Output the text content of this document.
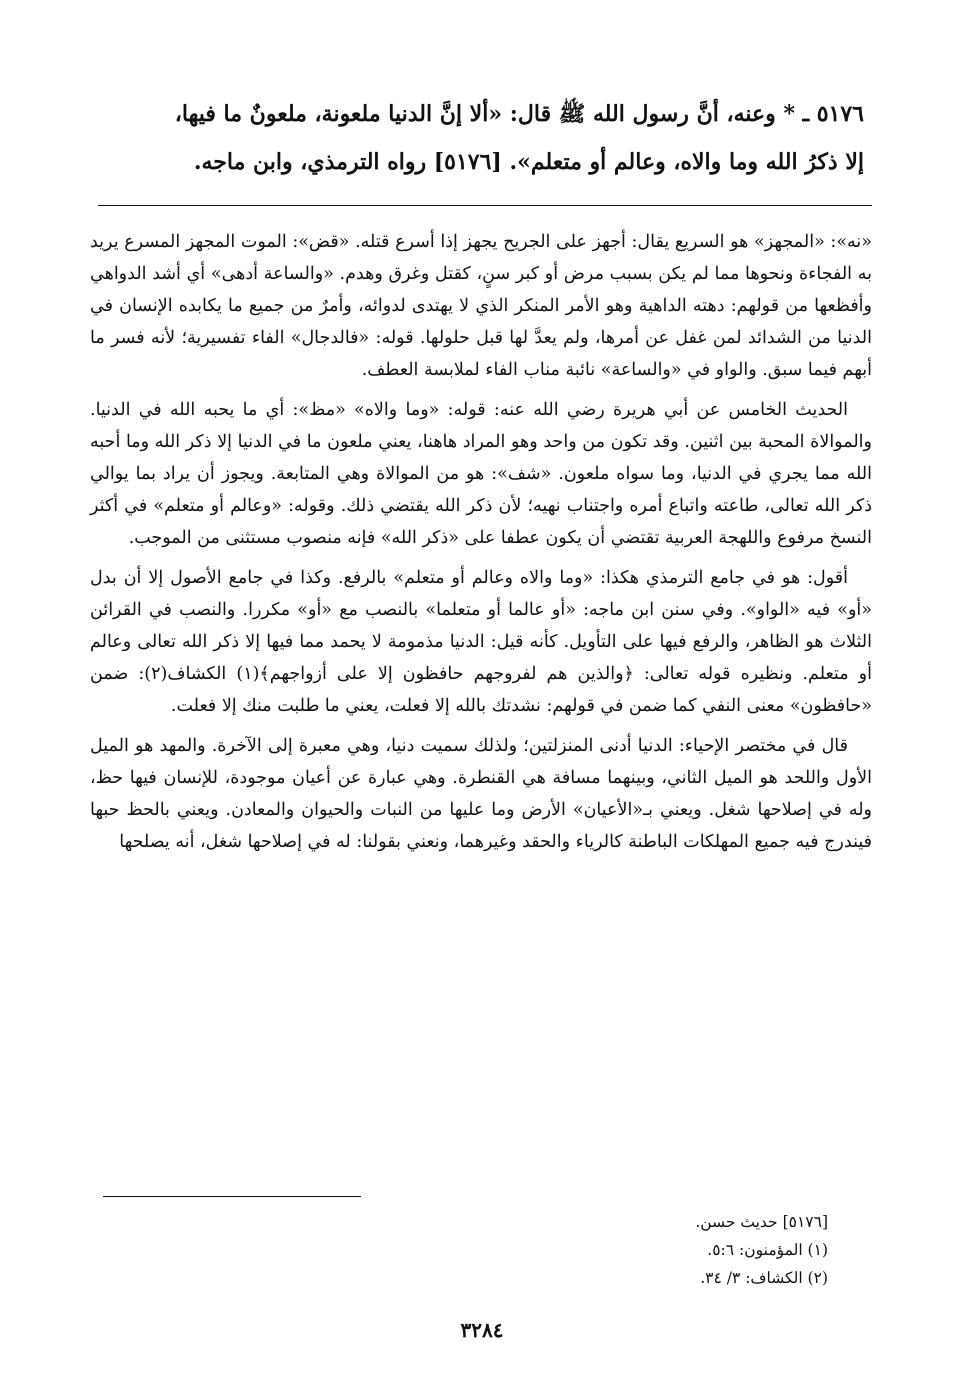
٥١٧٦ ـ * وعنه، أنَّ رسول الله ﷺ قال: «ألا إنَّ الدنيا ملعونة، ملعونٌ ما فيها،

إلا ذكرُ الله وما والاه، وعالم أو متعلم». [٥١٧٦] رواه الترمذي، وابن ماجه.

«نه»: «المجهز» هو السريع يقال: أجهز على الجريح يجهز إذا أسرع قتله. «قض»: الموت المجهز المسرع يريد به الفجاءة ونحوها مما لم يكن بسبب مرض أو كبر سنٍ، كقتل وغرق وهدم. «والساعة أدهى» أي أشد الدواهي وأفظعها من قولهم: دهته الداهية وهو الأمر المنكر الذي لا يهتدى لدوائه، وأمرٌ من جميع ما يكابده الإنسان في الدنيا من الشدائد لمن غفل عن أمرها، ولم يعدَّ لها قبل حلولها. قوله: «فالدجال» الفاء تفسيرية؛ لأنه فسر ما أبهم فيما سبق. والواو في «والساعة» نائبة مناب الفاء لملابسة العطف.

الحديث الخامس عن أبي هريرة رضي الله عنه: قوله: «وما والاه» «مظ»: أي ما يحبه الله في الدنيا. والموالاة المحبة بين اثنين. وقد تكون من واحد وهو المراد هاهنا، يعني ملعون ما في الدنيا إلا ذكر الله وما أحبه الله مما يجري في الدنيا، وما سواه ملعون. «شف»: هو من الموالاة وهي المتابعة. ويجوز أن يراد بما يوالي ذكر الله تعالى، طاعته واتباع أمره واجتناب نهيه؛ لأن ذكر الله يقتضي ذلك. وقوله: «وعالم أو متعلم» في أكثر النسخ مرفوع واللهجة العربية تقتضي أن يكون عطفا على «ذكر الله» فإنه منصوب مستثنى من الموجب.

أقول: هو في جامع الترمذي هكذا: «وما والاه وعالم أو متعلم» بالرفع. وكذا في جامع الأصول إلا أن بدل «أو» فيه «الواو». وفي سنن ابن ماجه: «أو عالما أو متعلما» بالنصب مع «أو» مكررا. والنصب في القرائن الثلاث هو الظاهر، والرفع فيها على التأويل. كأنه قيل: الدنيا مذمومة لا يحمد مما فيها إلا ذكر الله تعالى وعالم أو متعلم. ونظيره قوله تعالى: ﴿والذين هم لفروجهم حافظون إلا على أزواجهم﴾(١) الكشاف(٢): ضمن «حافظون» معنى النفي كما ضمن في قولهم: نشدتك بالله إلا فعلت، يعني ما طلبت منك إلا فعلت.

قال في مختصر الإحياء: الدنيا أدنى المنزلتين؛ ولذلك سميت دنيا، وهي معبرة إلى الآخرة. والمهد هو الميل الأول واللحد هو الميل الثاني، وبينهما مسافة هي القنطرة. وهي عبارة عن أعيان موجودة، للإنسان فيها حظ، وله في إصلاحها شغل. ويعني بـ«الأعيان» الأرض وما عليها من النبات والحيوان والمعادن. ويعني بالحظ حبها فيندرج فيه جميع المهلكات الباطنة كالرياء والحقد وغيرهما، ونعني بقولنا: له في إصلاحها شغل، أنه يصلحها

[٥١٧٦] حديث حسن.
(١) المؤمنون: ٥:٦.
(٢) الكشاف: ٣/ ٣٤.
٣٢٨٤
